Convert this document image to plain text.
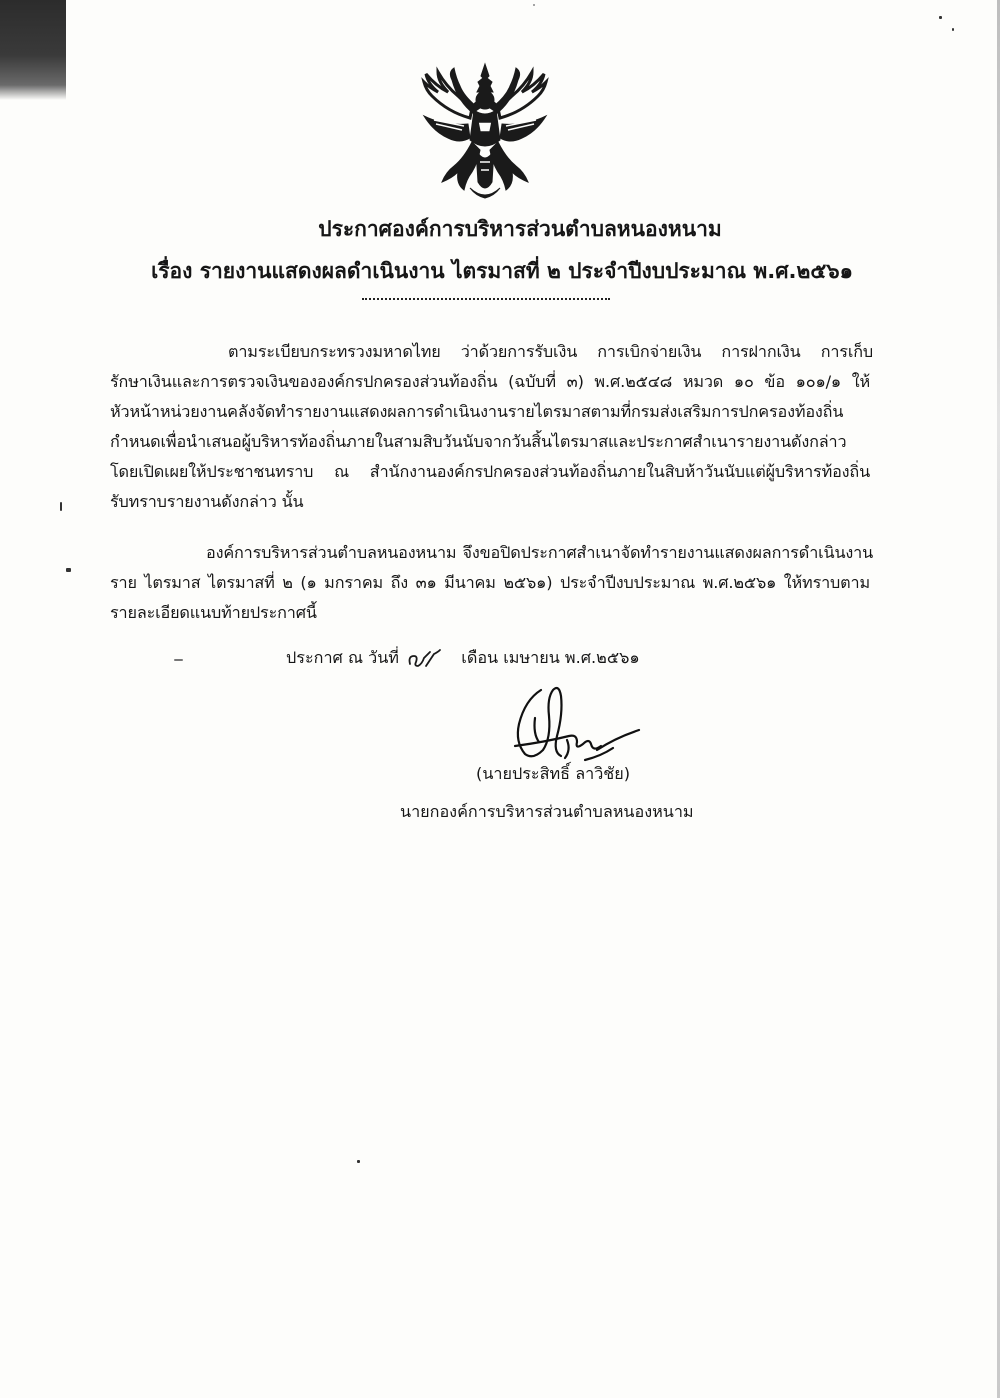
ประกาศองค์การบริหารส่วนตำบลหนองหนาม
เรื่อง รายงานแสดงผลดำเนินงาน ไตรมาสที่ ๒ ประจำปีงบประมาณ พ.ศ.๒๕๖๑
ตามระเบียบกระทรวงมหาดไทย ว่าด้วยการรับเงิน การเบิกจ่ายเงิน การฝากเงิน การเก็บ
รักษาเงินและการตรวจเงินขององค์กรปกครองส่วนท้องถิ่น (ฉบับที่ ๓) พ.ศ.๒๕๔๘ หมวด ๑๐ ข้อ ๑๐๑/๑ ให้
หัวหน้าหน่วยงานคลังจัดทำรายงานแสดงผลการดำเนินงานรายไตรมาสตามที่กรมส่งเสริมการปกครองท้องถิ่น
กำหนดเพื่อนำเสนอผู้บริหารท้องถิ่นภายในสามสิบวันนับจากวันสิ้นไตรมาสและประกาศสำเนารายงานดังกล่าว
โดยเปิดเผยให้ประชาชนทราบ ณ สำนักงานองค์กรปกครองส่วนท้องถิ่นภายในสิบห้าวันนับแต่ผู้บริหารท้องถิ่น
รับทราบรายงานดังกล่าว นั้น
องค์การบริหารส่วนตำบลหนองหนาม จึงขอปิดประกาศสำเนาจัดทำรายงานแสดงผลการดำเนินงาน
ราย ไตรมาส ไตรมาสที่ ๒ (๑ มกราคม ถึง ๓๑ มีนาคม ๒๕๖๑) ประจำปีงบประมาณ พ.ศ.๒๕๖๑ ให้ทราบตาม
รายละเอียดแนบท้ายประกาศนี้
ประกาศ ณ วันที่	เดือน เมษายน พ.ศ.๒๕๖๑
(นายประสิทธิ์ ลาวิชัย)
นายกองค์การบริหารส่วนตำบลหนองหนาม
